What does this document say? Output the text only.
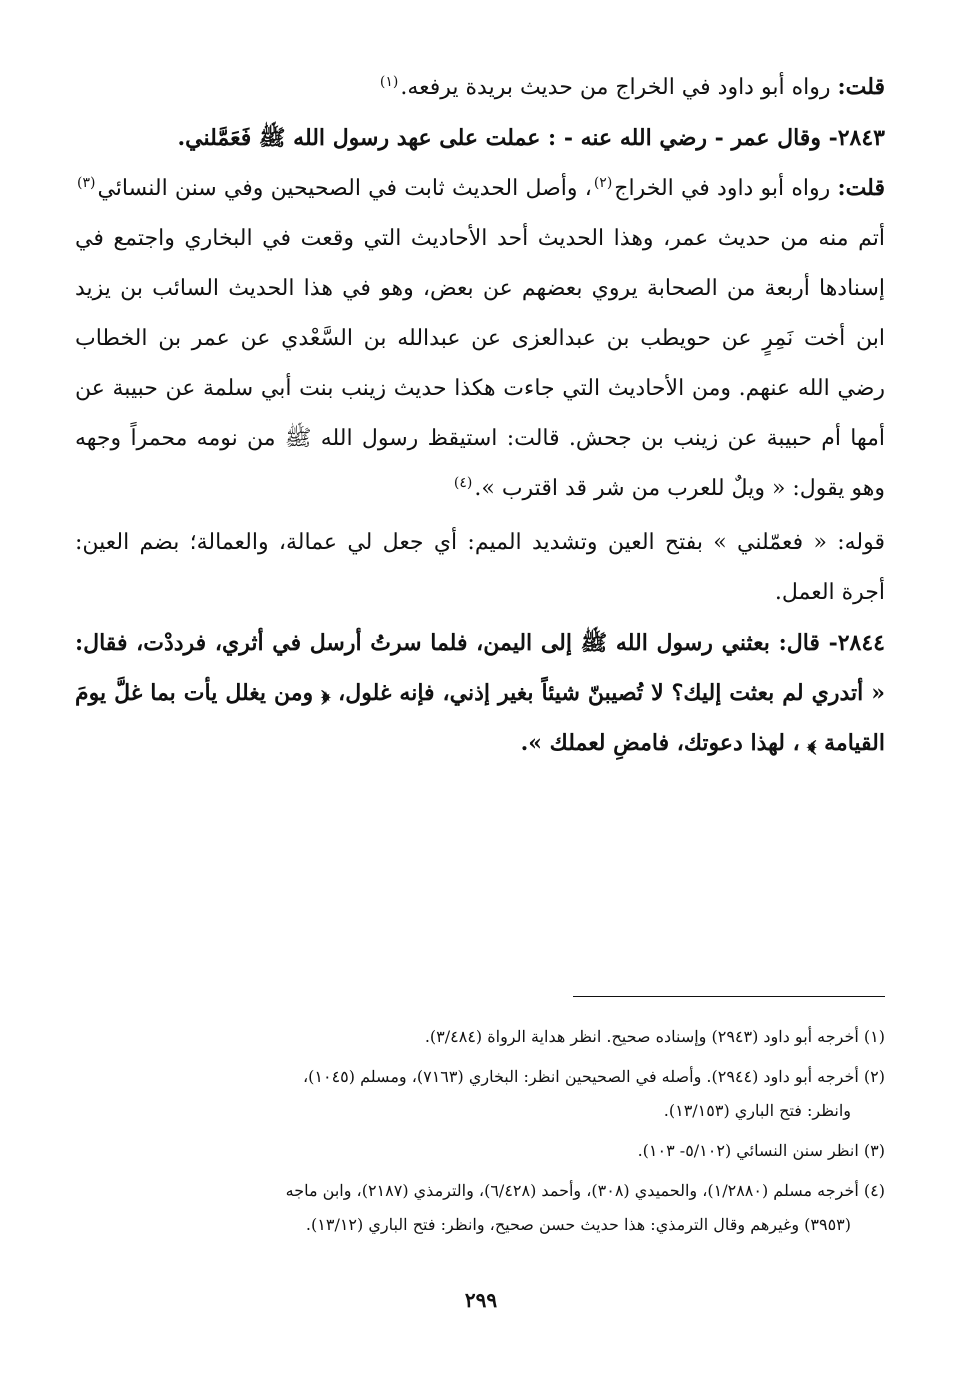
قلت: رواه أبو داود في الخراج من حديث بريدة يرفعه.$^{(١)}$

٢٨٤٣- وقال عمر - رضي الله عنه - : عملت على عهد رسول الله ﷺ فَعَمَّلني.

قلت: رواه أبو داود في الخراج$^{(٢)}$، وأصل الحديث ثابت في الصحيحين وفي سنن النسائي$^{(٣)}$ أتم منه من حديث عمر، وهذا الحديث أحد الأحاديث التي وقعت في البخاري واجتمع في إسنادها أربعة من الصحابة يروي بعضهم عن بعض، وهو في هذا الحديث السائب بن يزيد ابن أخت نَمِرٍ عن حويطب بن عبدالعزى عن عبدالله بن السَّعْدي عن عمر بن الخطاب رضي الله عنهم. ومن الأحاديث التي جاءت هكذا حديث زينب بنت أبي سلمة عن حبيبة عن أمها أم حبيبة عن زينب بن جحش. قالت: استيقظ رسول الله ﷺ من نومه محمراً وجهه وهو يقول: « ويلٌ للعرب من شر قد اقترب ».$^{(٤)}$

قوله: « فعمّلني » بفتح العين وتشديد الميم: أي جعل لي عمالة، والعمالة؛ بضم العين: أجرة العمل.

٢٨٤٤- قال: بعثني رسول الله ﷺ إلى اليمن، فلما سرتُ أرسل في أثري، فرددْت، فقال: « أتدري لم بعثت إليك؟ لا تُصيبنّ شيئاً بغير إذني، فإنه غلول، ﴿ ومن يغلل يأت بما غلَّ يومَ القيامة ﴾ ، لهذا دعوتك، فامضِ لعملك ».

(١) أخرجه أبو داود (٢٩٤٣) وإسناده صحيح. انظر هداية الرواة (٣/٤٨٤).
(٢) أخرجه أبو داود (٢٩٤٤). وأصله في الصحيحين انظر: البخاري (٧١٦٣)، ومسلم (١٠٤٥)،
وانظر: فتح الباري (١٣/١٥٣).
(٣) انظر سنن النسائي (٥/١٠٢- ١٠٣).
(٤) أخرجه مسلم (١/٢٨٨٠)، والحميدي (٣٠٨)، وأحمد (٦/٤٢٨)، والترمذي (٢١٨٧)، وابن ماجه
(٣٩٥٣) وغيرهم وقال الترمذي: هذا حديث حسن صحيح، وانظر: فتح الباري (١٣/١٢).
٢٩٩
